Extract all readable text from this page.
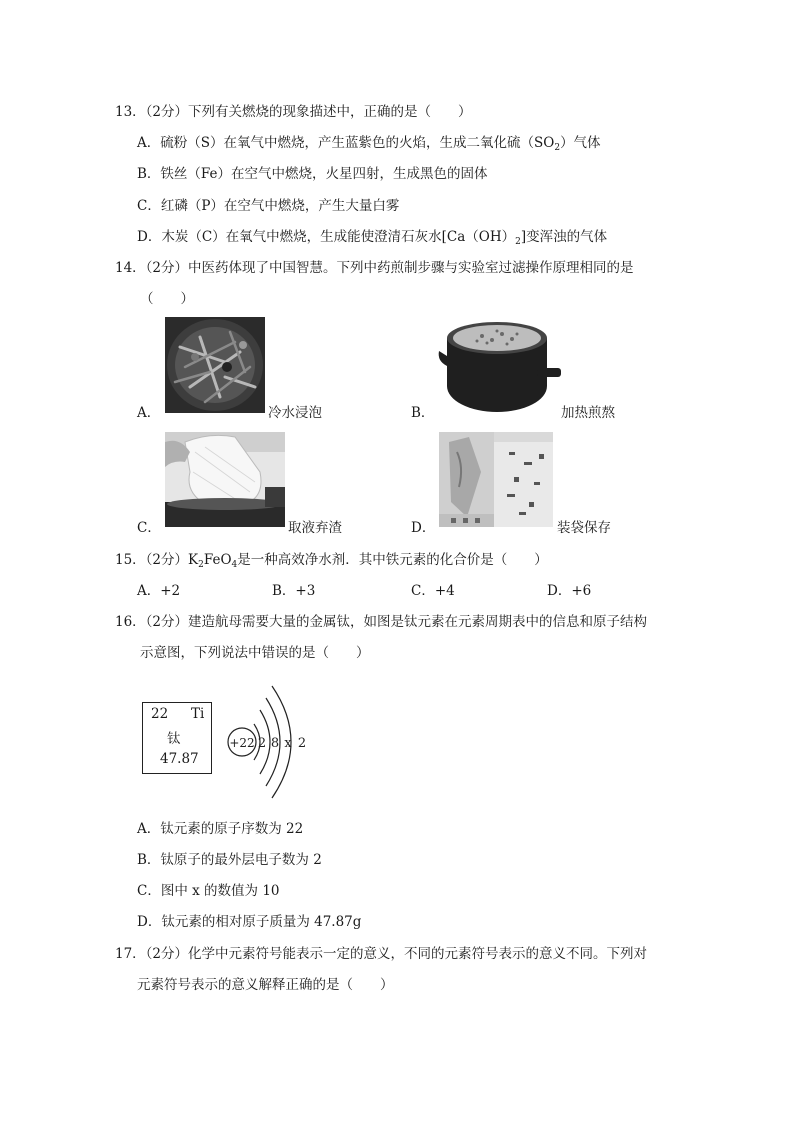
13．（2分）下列有关燃烧的现象描述中，正确的是（　　）
A．硫粉（S）在氧气中燃烧，产生蓝紫色的火焰，生成二氧化硫$(SO_2)$气体
B．铁丝（Fe）在空气中燃烧，火星四射，生成黑色的固体
C．红磷（P）在空气中燃烧，产生大量白雾
D．木炭（C）在氧气中燃烧，生成能使澄清石灰水$[Ca(OH)_2]$变浑浊的气体
14．（2分）中医药体现了中国智慧。下列中药煎制步骤与实验室过滤操作原理相同的是
（　　）
A．	冷水浸泡	B．	加热煎熬
C．	取液弃渣	D．	装袋保存
15．（2分）$K_2FeO_4$是一种高效净水剂．其中铁元素的化合价是（　　）
A．+2	B．+3	C．+4	D．+6
16．（2分）建造航母需要大量的金属钛，如图是钛元素在元素周期表中的信息和原子结构
示意图，下列说法中错误的是（　　）
22 Ti
钛
47.87
+22 2 8 x 2
A．钛元素的原子序数为 22
B．钛原子的最外层电子数为 2
C．图中 x 的数值为 10
D．钛元素的相对原子质量为 47.87g
17．（2分）化学中元素符号能表示一定的意义，不同的元素符号表示的意义不同。下列对
元素符号表示的意义解释正确的是（　　）
